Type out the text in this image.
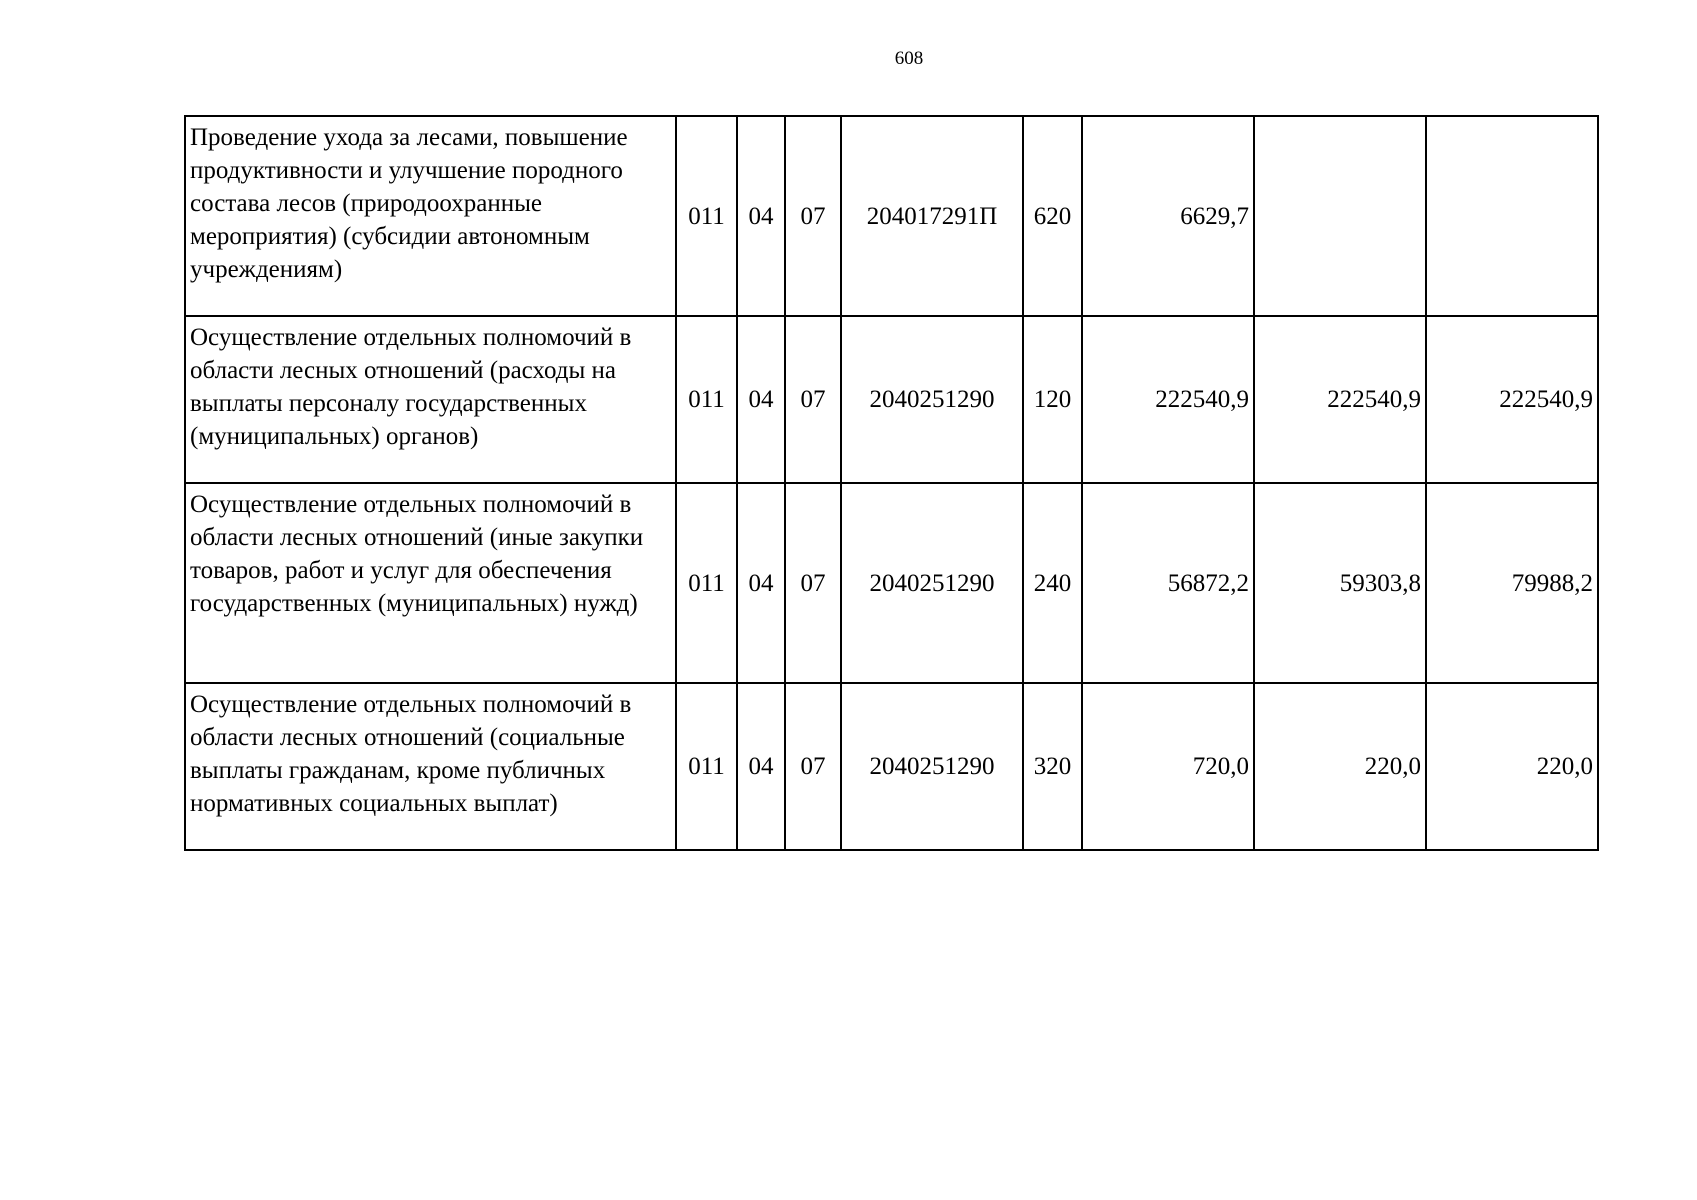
608
Проведение ухода за лесами, повышение продуктивности и улучшение породного состава лесов (природоохранные мероприятия) (субсидии автономным учреждениям)	011	04	07	204017291П	620	6629,7		
Осуществление отдельных полномочий в области лесных отношений (расходы на выплаты персоналу государственных (муниципальных) органов)	011	04	07	2040251290	120	222540,9	222540,9	222540,9
Осуществление отдельных полномочий в области лесных отношений (иные закупки товаров, работ и услуг для обеспечения государственных (муниципальных) нужд)	011	04	07	2040251290	240	56872,2	59303,8	79988,2
Осуществление отдельных полномочий в области лесных отношений (социальные выплаты гражданам, кроме публичных нормативных социальных выплат)	011	04	07	2040251290	320	720,0	220,0	220,0
